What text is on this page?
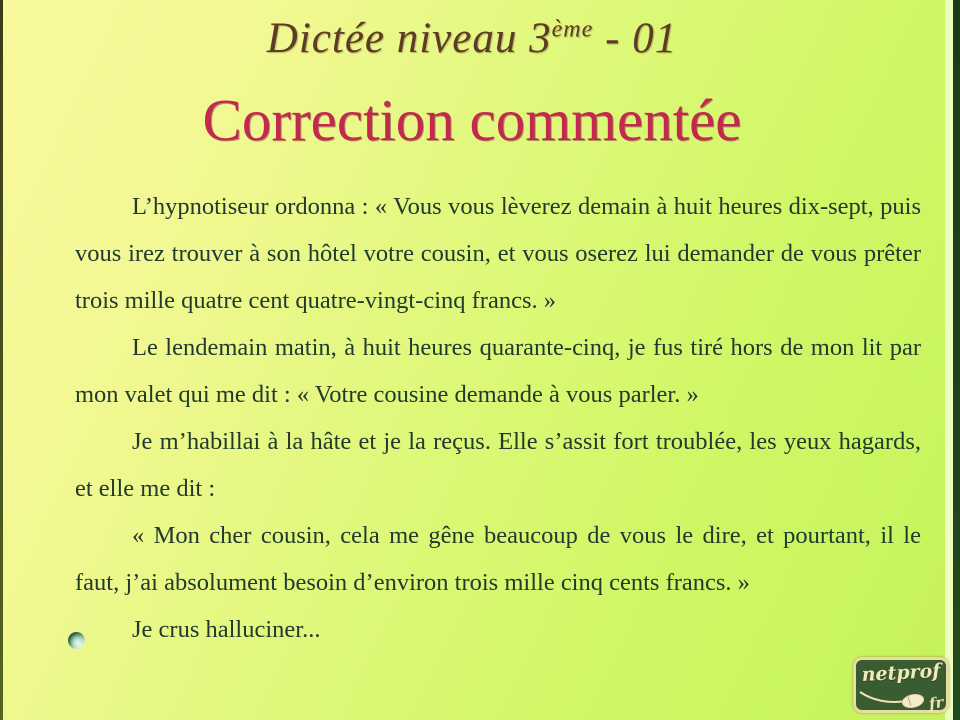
Dictée niveau 3ème - 01
Correction commentée

L’hypnotiseur ordonna : « Vous vous lèverez demain à huit heures dix-sept, puis vous irez trouver à son hôtel votre cousin, et vous oserez lui demander de vous prêter trois mille quatre cent quatre-vingt-cinq francs. »

Le lendemain matin, à huit heures quarante-cinq, je fus tiré hors de mon lit par mon valet qui me dit : « Votre cousine demande à vous parler. »

Je m’habillai à la hâte et je la reçus. Elle s’assit fort troublée, les yeux hagards, et elle me dit :

« Mon cher cousin, cela me gêne beaucoup de vous le dire, et pourtant, il le faut, j’ai absolument besoin d’environ trois mille cinq cents francs. »

Je crus halluciner...

netprof
fr
